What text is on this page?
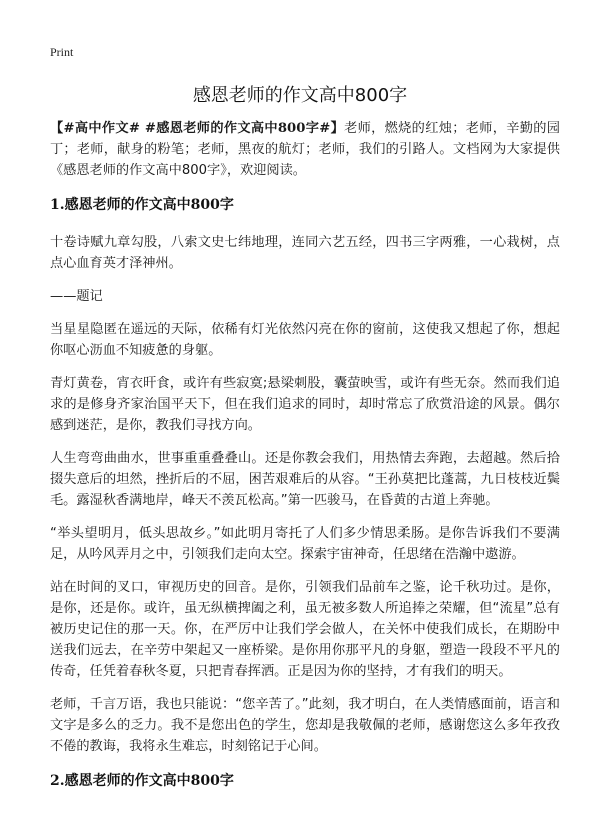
Print
感恩老师的作文高中800字

【#高中作文# #感恩老师的作文高中800字#】老师，燃烧的红烛；老师，辛勤的园丁；老师，献身的粉笔；老师，黑夜的航灯；老师，我们的引路人。文档网为大家提供《感恩老师的作文高中800字》，欢迎阅读。

1.感恩老师的作文高中800字

十卷诗赋九章勾股，八索文史七纬地理，连同六艺五经，四书三字两雅，一心栽树，点点心血育英才泽神州。

——题记

当星星隐匿在遥远的天际，依稀有灯光依然闪亮在你的窗前，这使我又想起了你，想起你呕心沥血不知疲惫的身躯。

青灯黄卷，宵衣旰食，或许有些寂寞;悬梁刺股，囊萤映雪，或许有些无奈。然而我们追求的是修身齐家治国平天下，但在我们追求的同时，却时常忘了欣赏沿途的风景。偶尔感到迷茫，是你，教我们寻找方向。

人生弯弯曲曲水，世事重重叠叠山。还是你教会我们，用热情去奔跑，去超越。然后拾掇失意后的坦然，挫折后的不屈，困苦艰难后的从容。“王孙莫把比蓬蒿，九日枝枝近鬓毛。露湿秋香满地岸，峰天不羡瓦松高。”第一匹骏马，在昏黄的古道上奔驰。

“举头望明月，低头思故乡。”如此明月寄托了人们多少情思柔肠。是你告诉我们不要满足，从吟风弄月之中，引领我们走向太空。探索宇宙神奇，任思绪在浩瀚中遨游。

站在时间的叉口，审视历史的回音。是你，引领我们品前车之鉴，论千秋功过。是你，是你，还是你。或许，虽无纵横捭阖之利，虽无被多数人所追捧之荣耀，但“流星”总有被历史记住的那一天。你，在严厉中让我们学会做人，在关怀中使我们成长，在期盼中送我们远去，在辛劳中架起又一座桥梁。是你用你那平凡的身躯，塑造一段段不平凡的传奇，任凭着春秋冬夏，只把青春挥洒。正是因为你的坚持，才有我们的明天。

老师，千言万语，我也只能说：“您辛苦了。”此刻，我才明白，在人类情感面前，语言和文字是多么的乏力。我不是您出色的学生，您却是我敬佩的老师，感谢您这么多年孜孜不倦的教诲，我将永生难忘，时刻铭记于心间。

2.感恩老师的作文高中800字
